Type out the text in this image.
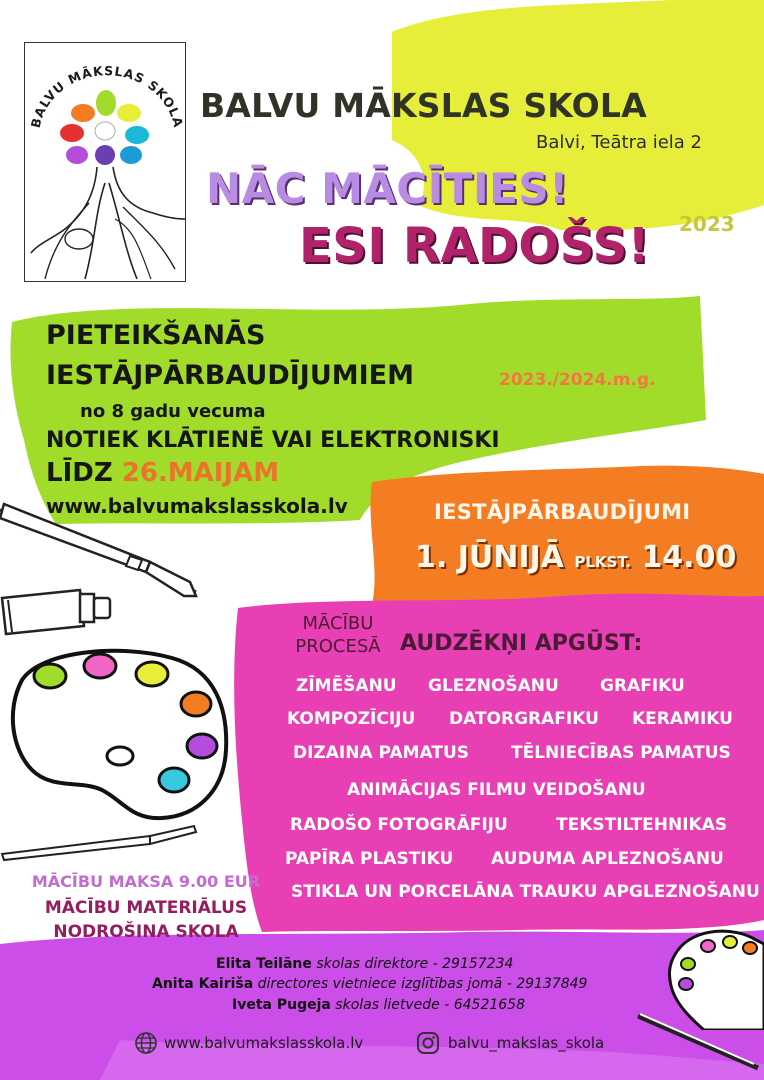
BALVU MĀKSLAS SKOLA BALVU MĀKSLAS SKOLA
Balvi, Teātra iela 2
NĀC MĀCĪTIES!
ESI RADOŠS! 2023
PIETEIKŠANĀS
IESTĀJPĀRBAUDĪJUMIEM	2023./2024.m.g.
no 8 gadu vecuma
NOTIEK KLĀTIENĒ VAI ELEKTRONISKI
LĪDZ 26.MAIJAM
www.balvumakslasskola.lv	IESTĀJPĀRBAUDĪJUMI
1. JŪNIJĀ PLKST. 14.00
MĀCĪBU
PROCESĀ AUDZĒKŅI APGŪST:
ZĪMĒŠANU GLEZNOŠANU GRAFIKU
KOMPOZĪCIJU DATORGRAFIKU KERAMIKU
DIZAINA PAMATUS TĒLNIECĪBAS PAMATUS
ANIMĀCIJAS FILMU VEIDOŠANU
RADOŠO FOTOGRĀFIJU	TEKSTILTEHNIKAS
PAPĪRA PLASTIKU AUDUMA APLEZNOŠANU
STIKLA UN PORCELĀNA TRAUKU APGLEZNOŠANU
MĀCĪBU MAKSA 9.00 EUR
MĀCĪBU MATERIĀLUS
NODROŠINA SKOLA
Elita Teilāne skolas direktore - 29157234
Anita Kairiša directores vietniece izglītības jomā - 29137849
Iveta Pugeja skolas lietvede - 64521658
www.balvumakslasskola.lv	balvu_makslas_skola
